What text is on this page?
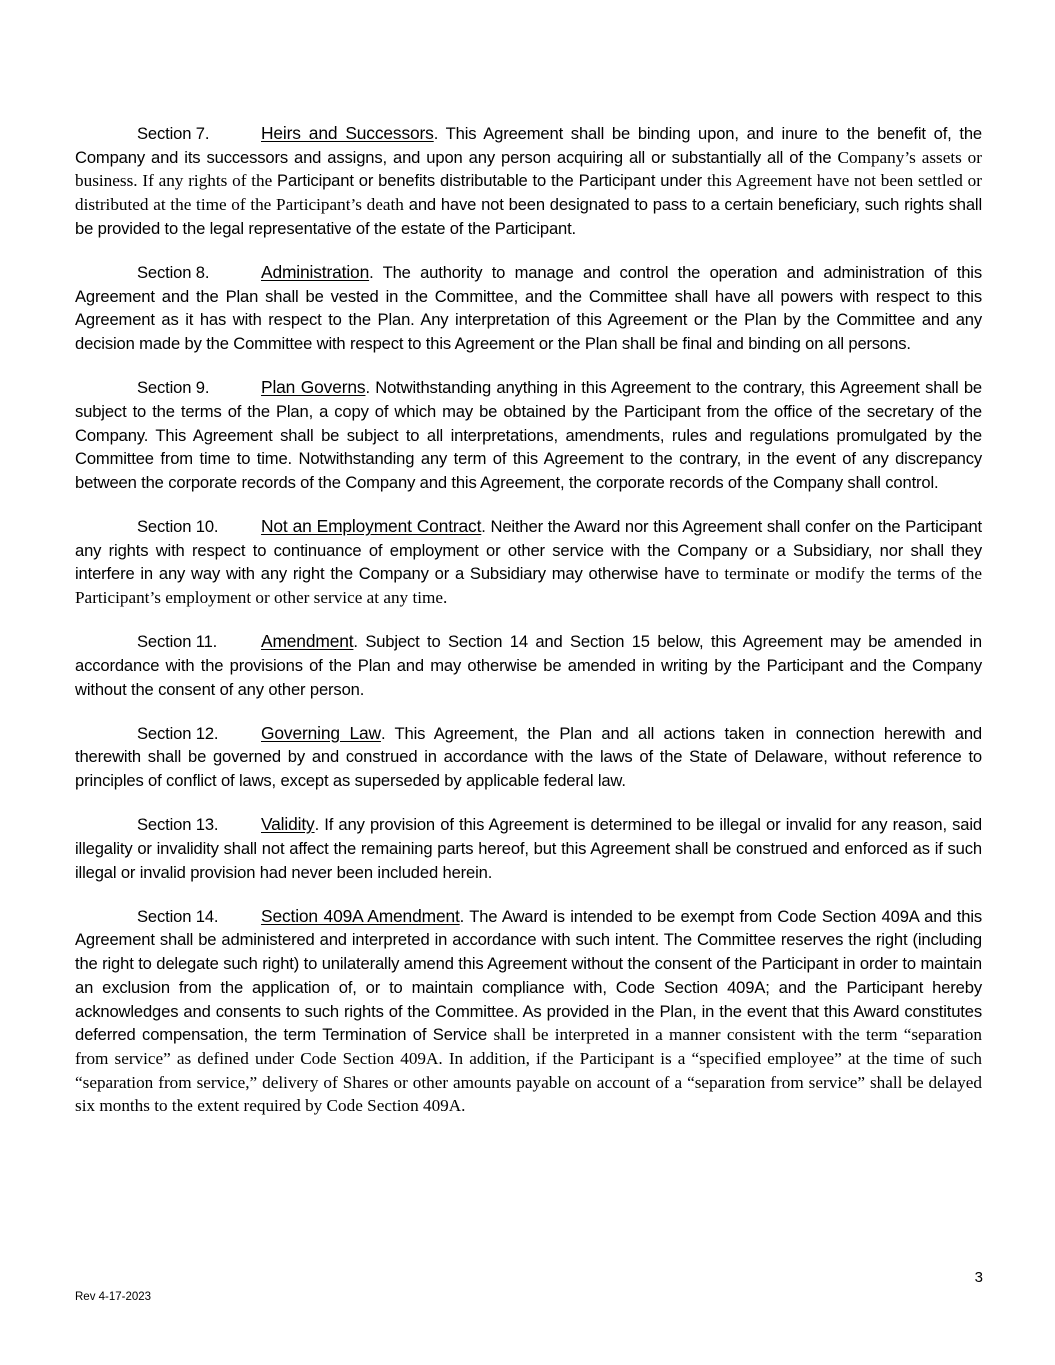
Section 7.	Heirs and Successors. This Agreement shall be binding upon, and inure to the benefit of, the Company and its successors and assigns, and upon any person acquiring all or substantially all of the Company’s assets or business. If any rights of the Participant or benefits distributable to the Participant under this Agreement have not been settled or distributed at the time of the Participant’s death and have not been designated to pass to a certain beneficiary, such rights shall be provided to the legal representative of the estate of the Participant.

Section 8.	Administration. The authority to manage and control the operation and administration of this Agreement and the Plan shall be vested in the Committee, and the Committee shall have all powers with respect to this Agreement as it has with respect to the Plan. Any interpretation of this Agreement or the Plan by the Committee and any decision made by the Committee with respect to this Agreement or the Plan shall be final and binding on all persons.

Section 9.	Plan Governs. Notwithstanding anything in this Agreement to the contrary, this Agreement shall be subject to the terms of the Plan, a copy of which may be obtained by the Participant from the office of the secretary of the Company. This Agreement shall be subject to all interpretations, amendments, rules and regulations promulgated by the Committee from time to time. Notwithstanding any term of this Agreement to the contrary, in the event of any discrepancy between the corporate records of the Company and this Agreement, the corporate records of the Company shall control.

Section 10. Not an Employment Contract. Neither the Award nor this Agreement shall confer on the Participant any rights with respect to continuance of employment or other service with the Company or a Subsidiary, nor shall they interfere in any way with any right the Company or a Subsidiary may otherwise have to terminate or modify the terms of the Participant’s employment or other service at any time.

Section 11.	Amendment. Subject to Section 14 and Section 15 below, this Agreement may be amended in accordance with the provisions of the Plan and may otherwise be amended in writing by the Participant and the Company without the consent of any other person.

Section 12. Governing Law. This Agreement, the Plan and all actions taken in connection herewith and therewith shall be governed by and construed in accordance with the laws of the State of Delaware, without reference to principles of conflict of laws, except as superseded by applicable federal law.

Section 13. Validity. If any provision of this Agreement is determined to be illegal or invalid for any reason, said illegality or invalidity shall not affect the remaining parts hereof, but this Agreement shall be construed and enforced as if such illegal or invalid provision had never been included herein.

Section 14. Section 409A Amendment. The Award is intended to be exempt from Code Section 409A and this Agreement shall be administered and interpreted in accordance with such intent. The Committee reserves the right (including the right to delegate such right) to unilaterally amend this Agreement without the consent of the Participant in order to maintain an exclusion from the application of, or to maintain compliance with, Code Section 409A; and the Participant hereby acknowledges and consents to such rights of the Committee. As provided in the Plan, in the event that this Award constitutes deferred compensation, the term Termination of Service shall be interpreted in a manner consistent with the term “separation from service” as defined under Code Section 409A. In addition, if the Participant is a “specified employee” at the time of such “separation from service,” delivery of Shares or other amounts payable on account of a “separation from service” shall be delayed six months to the extent required by Code Section 409A.

3
Rev 4-17-2023
